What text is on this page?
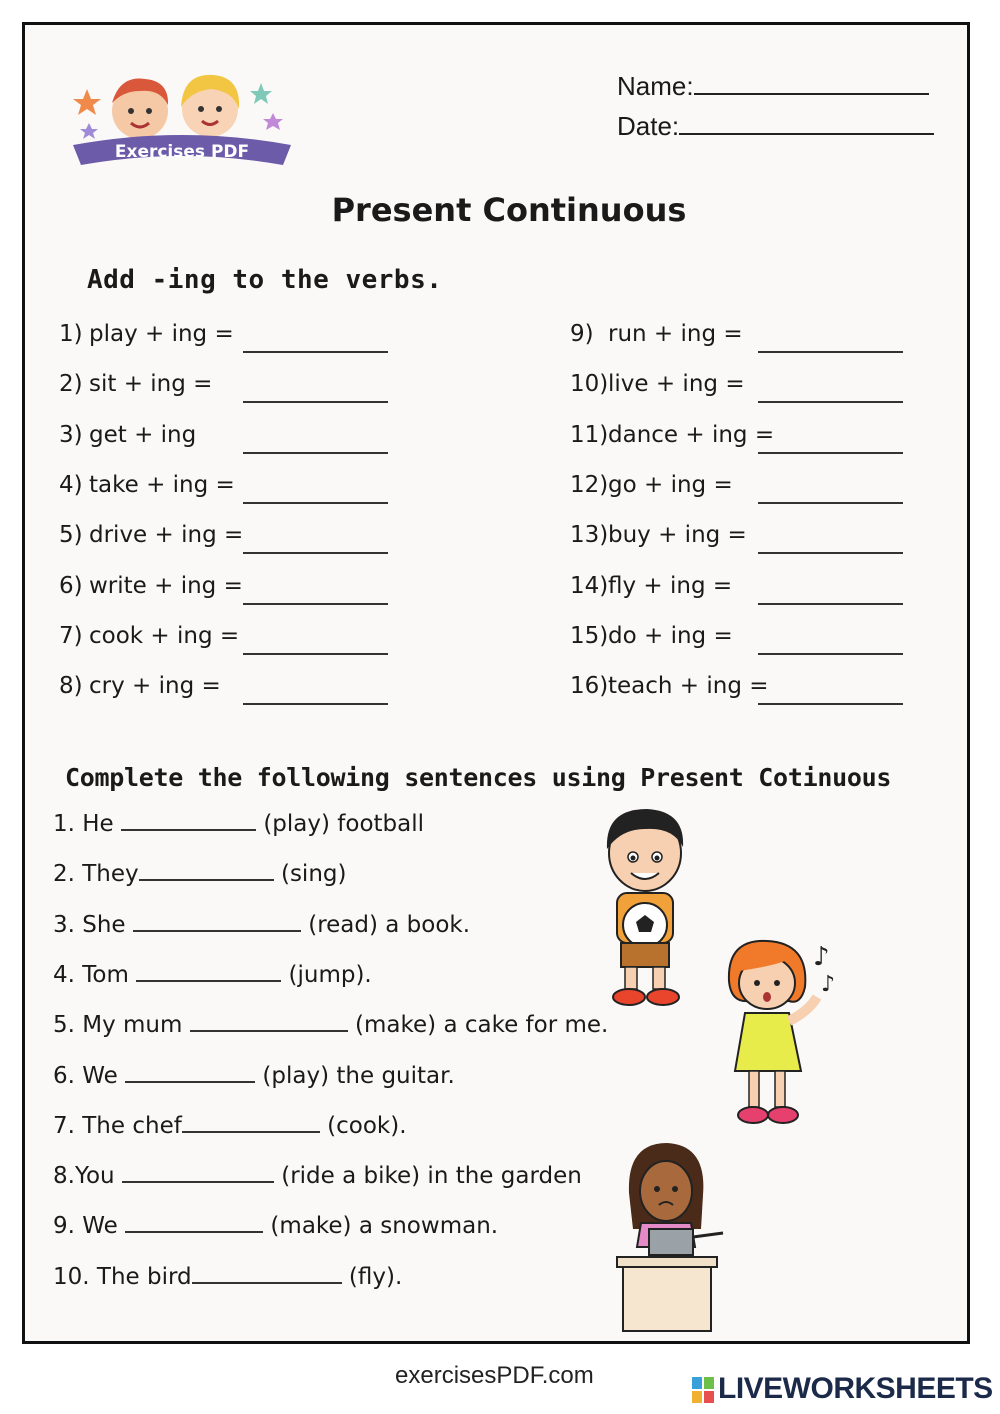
Exercises PDF
Name:
Date:
Present Continuous
Add -ing to the verbs.
1) play + ing =
2) sit + ing =
3) get + ing
4) take + ing =
5) drive + ing =
6) write + ing =
7) cook + ing =
8) cry + ing =
9) run + ing =
10)live + ing =
11)dance + ing =
12)go + ing =
13)buy + ing =
14)fly + ing =
15)do + ing =
16)teach + ing =
Complete the following sentences using Present Cotinuous
1. He	(play) football
2. They	(sing)
3. She	(read) a book.
4. Tom	(jump).
5. My mum	(make) a cake for me.
6. We	(play) the guitar.
7. The chef	(cook).
8.You	(ride a bike) in the garden
9. We	(make) a snowman.
10. The bird	(fly).
♪
♪
exercisesPDF.com	LIVEWORKSHEETS
